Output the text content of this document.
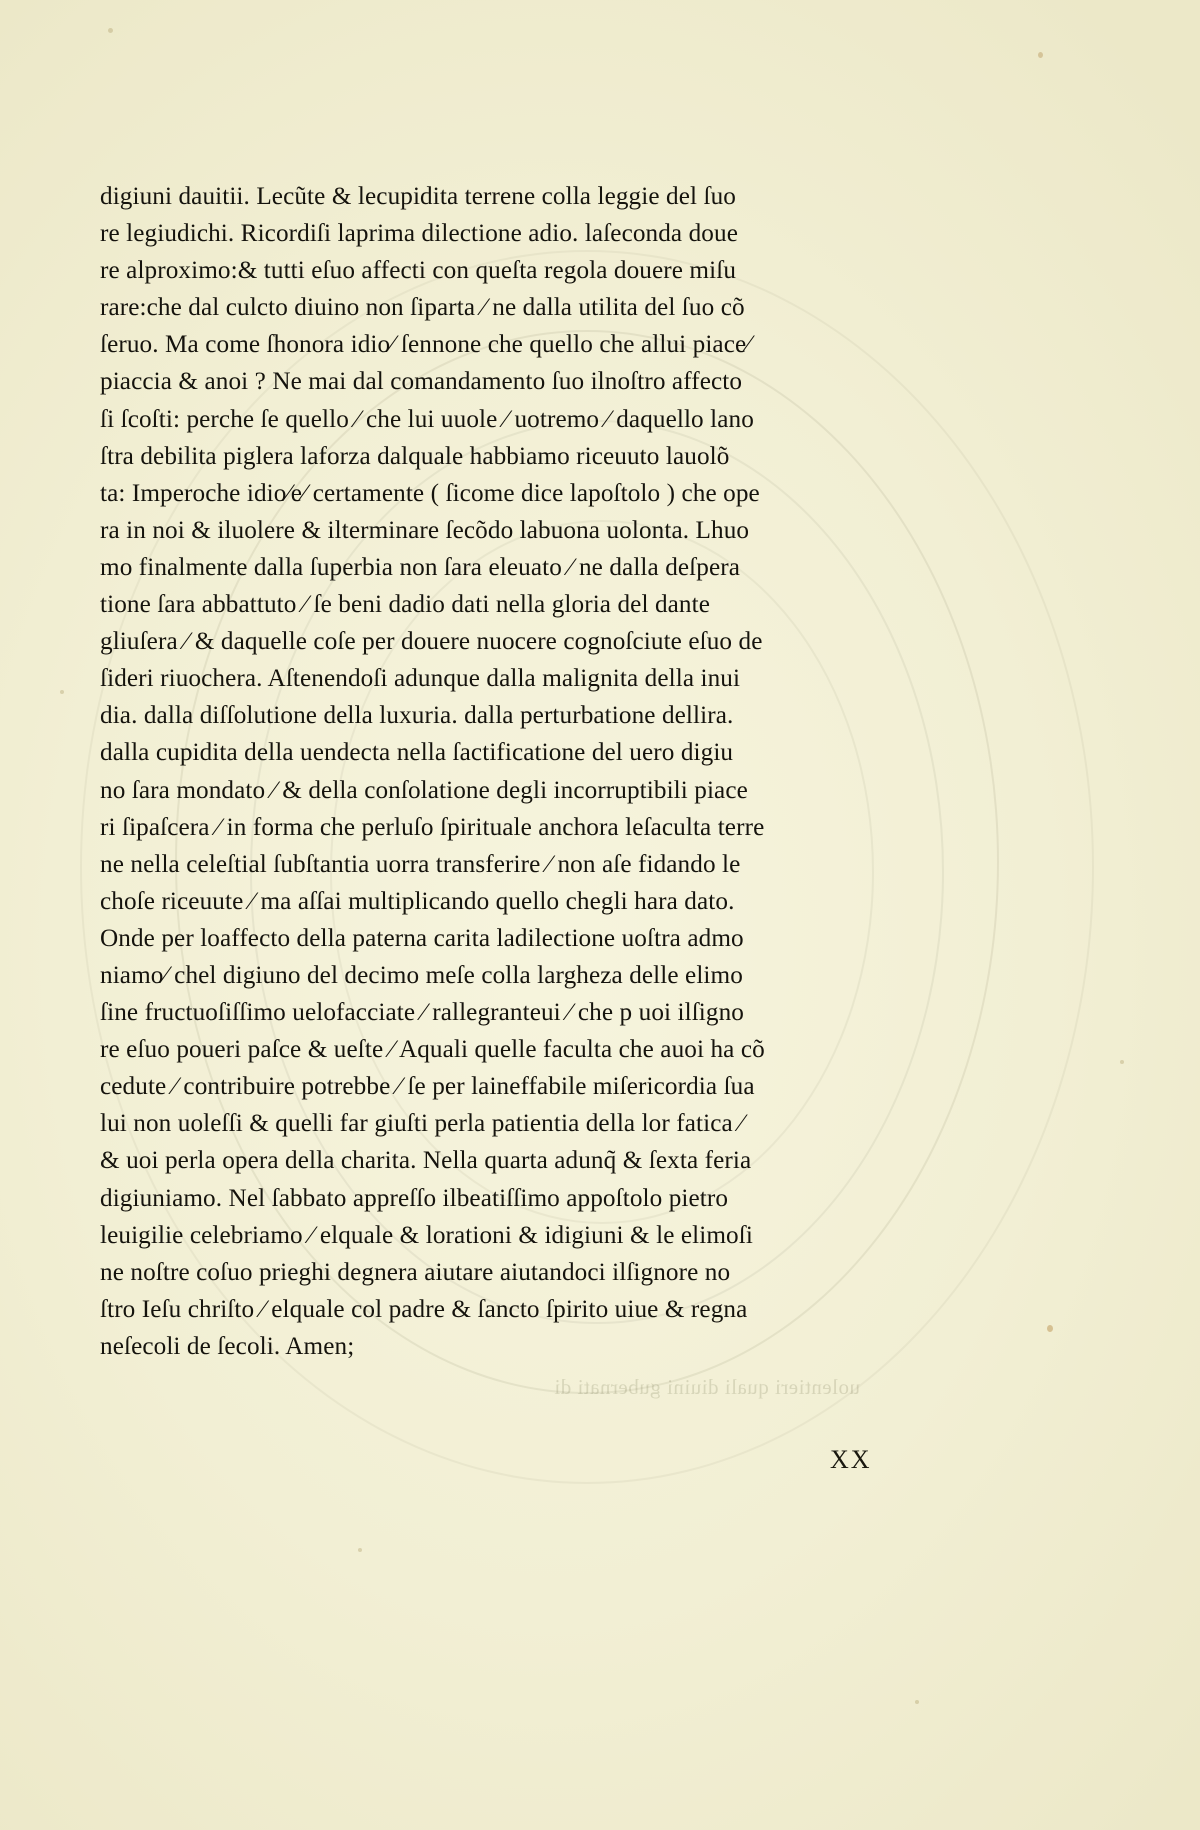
uolentieri quali diuini gubernati di
digiuni dauitii. Lecũte & lecupidita terrene colla leggie del ſuo
re legiudichi. Ricordiſi laprima dilectione adio. laſeconda doue
re alproximo:& tutti eſuo affecti con queſta regola douere miſu
rare:che dal culcto diuino non ſiparta ⁄ ne dalla utilita del ſuo cõ
ſeruo. Ma come ſhonora idio⁄ ſennone che quello che allui piace⁄
piaccia & anoi ? Ne mai dal comandamento ſuo ilnoſtro affecto
ſi ſcoſti: perche ſe quello ⁄ che lui uuole ⁄ uotremo ⁄ daquello lano
ſtra debilita piglera laforza dalquale habbiamo riceuuto lauolõ
ta: Imperoche idio⁄e⁄ certamente ( ſicome dice lapoſtolo ) che ope
ra in noi & iluolere & ilterminare ſecõdo labuona uolonta. Lhuo
mo finalmente dalla ſuperbia non ſara eleuato ⁄ ne dalla deſpera
tione ſara abbattuto ⁄ ſe beni dadio dati nella gloria del dante
gliuſera ⁄ & daquelle coſe per douere nuocere cognoſciute eſuo de
ſideri riuochera. Aſtenendoſi adunque dalla malignita della inui
dia. dalla diſſolutione della luxuria. dalla perturbatione dellira.
dalla cupidita della uendecta nella ſactificatione del uero digiu
no ſara mondato ⁄ & della conſolatione degli incorruptibili piace
ri ſipaſcera ⁄ in forma che perluſo ſpirituale anchora leſaculta terre
ne nella celeſtial ſubſtantia uorra transferire ⁄ non aſe fidando le
choſe riceuute ⁄ ma aſſai multiplicando quello chegli hara dato.
Onde per loaffecto della paterna carita ladilectione uoſtra admo
niamo⁄ chel digiuno del decimo meſe colla largheza delle elimo
ſine fructuoſiſſimo uelofacciate ⁄ rallegranteui ⁄ che p uoi ilſigno
re eſuo poueri paſce & ueſte ⁄ Aquali quelle faculta che auoi ha cõ
cedute ⁄ contribuire potrebbe ⁄ ſe per laineffabile miſericordia ſua
lui non uoleſſi & quelli far giuſti perla patientia della lor fatica ⁄
& uoi perla opera della charita. Nella quarta adunq̃ & ſexta feria
digiuniamo. Nel ſabbato appreſſo ilbeatiſſimo appoſtolo pietro
leuigilie celebriamo ⁄ elquale & lorationi & idigiuni & le elimoſi
ne noſtre coſuo prieghi degnera aiutare aiutandoci ilſignore no
ſtro Ieſu chriſto ⁄ elquale col padre & ſancto ſpirito uiue & regna
neſecoli de ſecoli. Amen;
XX
